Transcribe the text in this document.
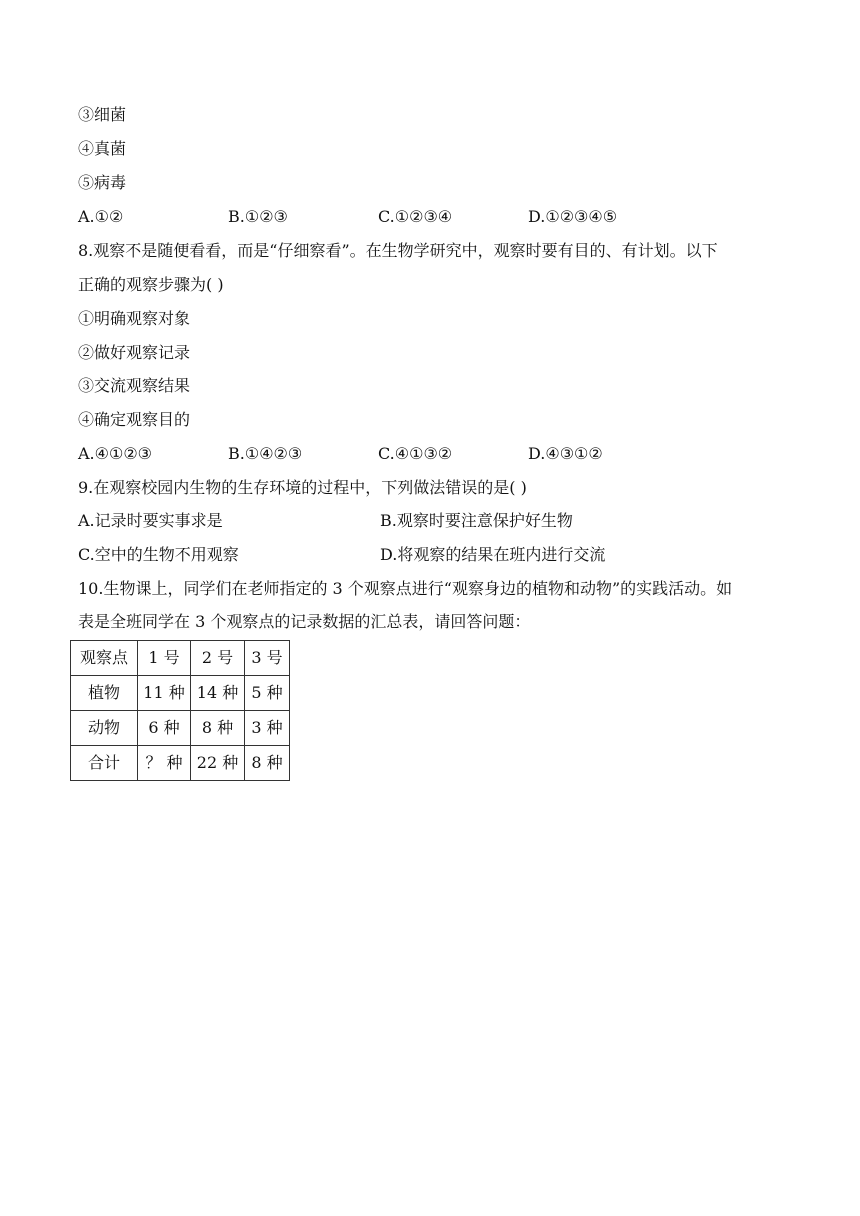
③细菌
④真菌
⑤病毒
A.①②	B.①②③	C.①②③④	D.①②③④⑤
8.观察不是随便看看，而是“仔细察看”。在生物学研究中，观察时要有目的、有计划。以下
正确的观察步骤为( )
①明确观察对象
②做好观察记录
③交流观察结果
④确定观察目的
A.④①②③	B.①④②③	C.④①③②	D.④③①②
9.在观察校园内生物的生存环境的过程中，下列做法错误的是( )
A.记录时要实事求是	B.观察时要注意保护好生物
C.空中的生物不用观察	D.将观察的结果在班内进行交流
10.生物课上，同学们在老师指定的 3 个观察点进行“观察身边的植物和动物”的实践活动。如
表是全班同学在 3 个观察点的记录数据的汇总表，请回答问题：
观察点	1 号	2 号	3 号
植物	11 种	14 种	5 种
动物	6 种	8 种	3 种
合计	？ 种	22 种	8 种
